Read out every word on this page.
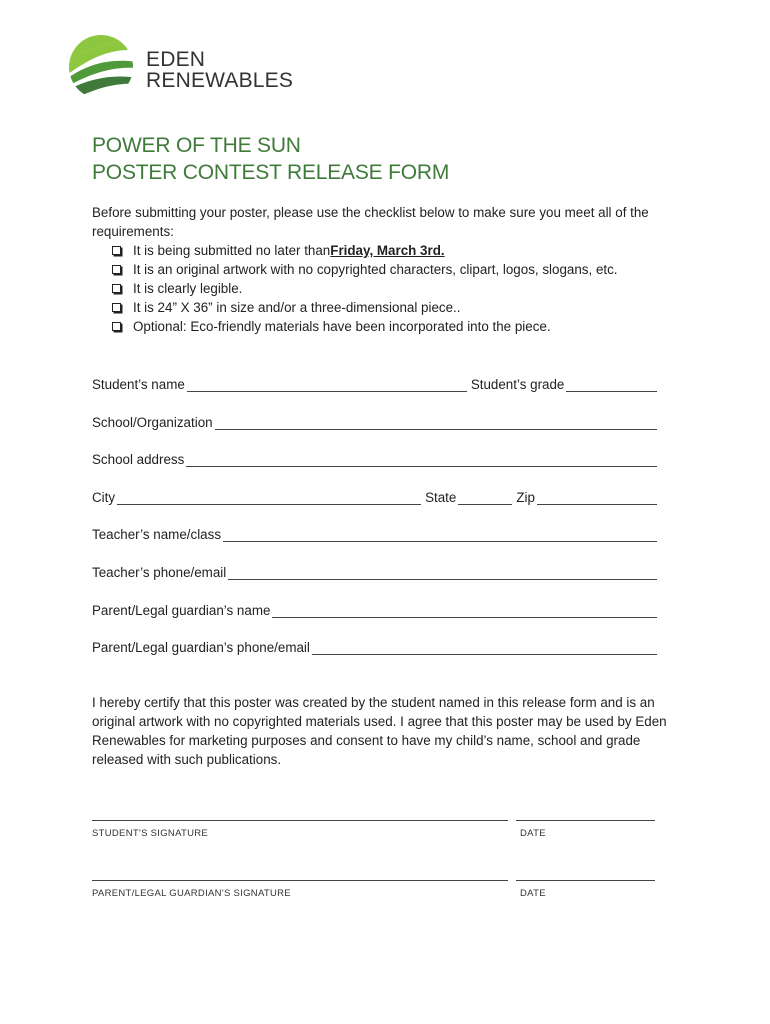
EDEN
RENEWABLES
POWER OF THE SUN
POSTER CONTEST RELEASE FORM
Before submitting your poster, please use the checklist below to make sure you meet all of the requirements:
It is being submitted no later than Friday, March 3rd.
It is an original artwork with no copyrighted characters, clipart, logos, slogans, etc.
It is clearly legible.
It is 24” X 36” in size and/or a three-dimensional piece..
Optional: Eco-friendly materials have been incorporated into the piece.
Student’s name	Student’s grade
School/Organization
School address
City	State	Zip
Teacher’s name/class
Teacher’s phone/email
Parent/Legal guardian’s name
Parent/Legal guardian’s phone/email
I hereby certify that this poster was created by the student named in this release form and is an original artwork with no copyrighted materials used. I agree that this poster may be used by Eden Renewables for marketing purposes and consent to have my child’s name, school and grade released with such publications.
STUDENT'S SIGNATURE	DATE
PARENT/LEGAL GUARDIAN'S SIGNATURE	DATE
